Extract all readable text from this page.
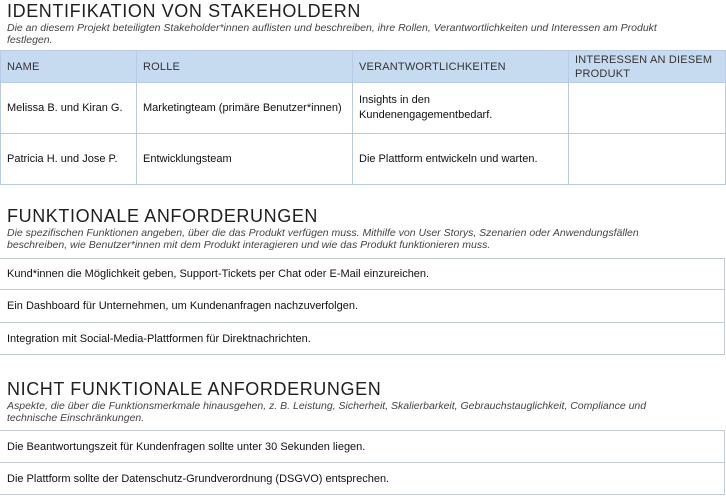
IDENTIFIKATION VON STAKEHOLDERN

Die an diesem Projekt beteiligten Stakeholder*innen auflisten und beschreiben, ihre Rollen, Verantwortlichkeiten und Interessen am Produkt festlegen.

NAME	ROLLE	VERANTWORTLICHKEITEN	INTERESSEN AN DIESEM PRODUKT
Melissa B. und Kiran G.	Marketingteam (primäre Benutzer*innen)	Insights in den Kundenengagementbedarf.	
Patricia H. und Jose P.	Entwicklungsteam	Die Plattform entwickeln und warten.	
FUNKTIONALE ANFORDERUNGEN

Die spezifischen Funktionen angeben, über die das Produkt verfügen muss. Mithilfe von User Storys, Szenarien oder Anwendungsfällen beschreiben, wie Benutzer*innen mit dem Produkt interagieren und wie das Produkt funktionieren muss.

Kund*innen die Möglichkeit geben, Support-Tickets per Chat oder E-Mail einzureichen.
Ein Dashboard für Unternehmen, um Kundenanfragen nachzuverfolgen.
Integration mit Social-Media-Plattformen für Direktnachrichten.
NICHT FUNKTIONALE ANFORDERUNGEN

Aspekte, die über die Funktionsmerkmale hinausgehen, z. B. Leistung, Sicherheit, Skalierbarkeit, Gebrauchstauglichkeit, Compliance und technische Einschränkungen.

Die Beantwortungszeit für Kundenfragen sollte unter 30 Sekunden liegen.
Die Plattform sollte der Datenschutz-Grundverordnung (DSGVO) entsprechen.
